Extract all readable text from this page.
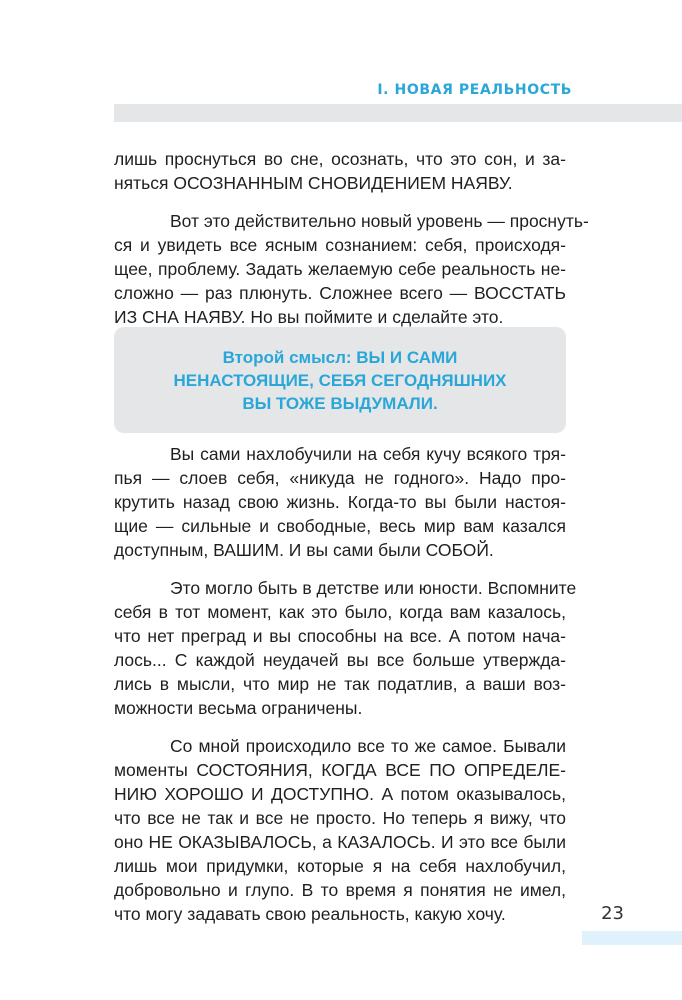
I. НОВАЯ РЕАЛЬНОСТЬ

лишь проснуться во сне, осознать, что это сон, и за-
няться ОСОЗНАННЫМ СНОВИДЕНИЕМ НАЯВУ.

Вот это действительно новый уровень — проснуть-
ся и увидеть все ясным сознанием: себя, происходя-
щее, проблему. Задать желаемую себе реальность не-
сложно — раз плюнуть. Сложнее всего — ВОССТАТЬ
ИЗ СНА НАЯВУ. Но вы поймите и сделайте это.

Второй смысл: ВЫ И САМИ
НЕНАСТОЯЩИЕ, СЕБЯ СЕГОДНЯШНИХ
ВЫ ТОЖЕ ВЫДУМАЛИ.

Вы сами нахлобучили на себя кучу всякого тря-
пья — слоев себя, «никуда не годного». Надо про-
крутить назад свою жизнь. Когда-то вы были настоя-
щие — сильные и свободные, весь мир вам казался
доступным, ВАШИМ. И вы сами были СОБОЙ.

Это могло быть в детстве или юности. Вспомните
себя в тот момент, как это было, когда вам казалось,
что нет преград и вы способны на все. А потом нача-
лось... С каждой неудачей вы все больше утвержда-
лись в мысли, что мир не так податлив, а ваши воз-
можности весьма ограничены.

Со мной происходило все то же самое. Бывали
моменты СОСТОЯНИЯ, КОГДА ВСЕ ПО ОПРЕДЕЛЕ-
НИЮ ХОРОШО И ДОСТУПНО. А потом оказывалось,
что все не так и все не просто. Но теперь я вижу, что
оно НЕ ОКАЗЫВАЛОСЬ, а КАЗАЛОСЬ. И это все были
лишь мои придумки, которые я на себя нахлобучил,
добровольно и глупо. В то время я понятия не имел,
что могу задавать свою реальность, какую хочу.	23
